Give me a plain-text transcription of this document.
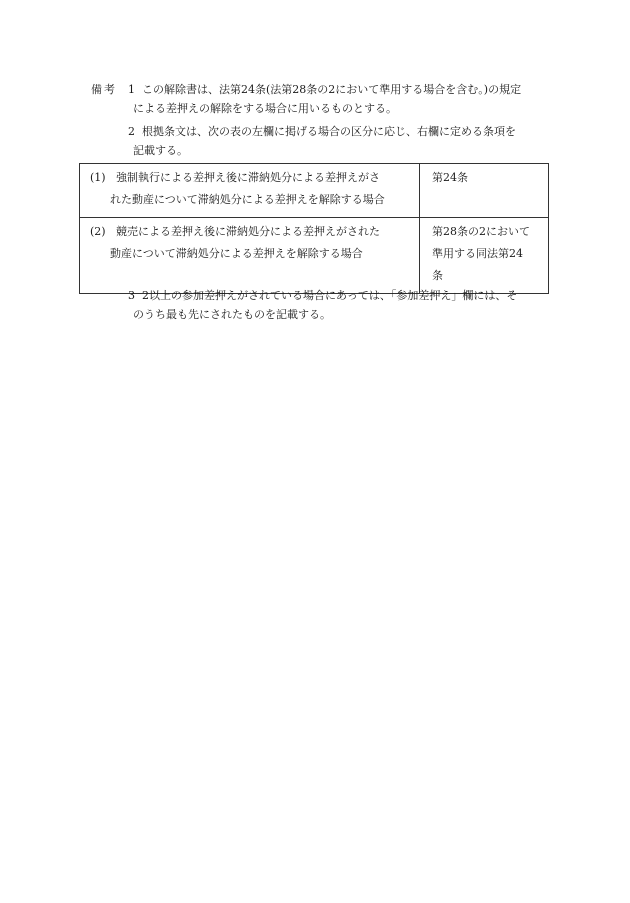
備考 1 この解除書は、法第24条(法第28条の2において準用する場合を含む。)の規定
による差押えの解除をする場合に用いるものとする。
2 根拠条文は、次の表の左欄に掲げる場合の区分に応じ、右欄に定める条項を
記載する。
(1) 強制執行による差押え後に滞納処分による差押えがさ
れた動産について滞納処分による差押えを解除する場合	第24条

(2) 競売による差押え後に滞納処分による差押えがされた
動産について滞納処分による差押えを解除する場合	第28条の2において
準用する同法第24
条
3 2以上の参加差押えがされている場合にあっては、「参加差押え」欄には、そ
のうち最も先にされたものを記載する。
